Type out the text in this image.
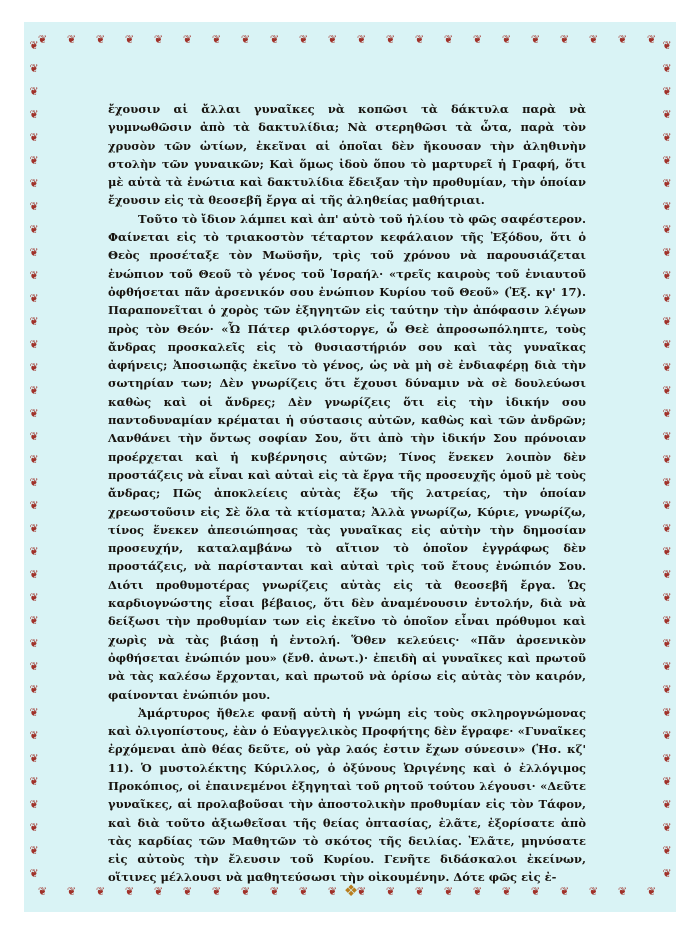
❦ ❦ ❦ ❦ ❦ ❦ ❦ ❦ ❦ ❦ ❦ ❦ ❦ ❦ ❦ ❦ ❦ ❦ ❦ ❦ ❦ ❦
❦ ❦ ❦ ❦ ❦ ❦ ❦ ❦ ❦ ❦ ❦ ❦ ❦ ❦ ❦ ❦ ❦ ❦ ❦ ❦ ❦ ❦
❦
❦
❦
❦
❦
❦
❦
❦
❦
❦
❦
❦
❦
❦
❦
❦
❦
❦
❦
❦
❦
❦
❦
❦
❦
❦
❦
❦
❦
❦
❦
❦
❦
❦
❦
❦
❦
❦
❦
❦
❦
❦
❦
❦
❦
❦
❦
❦
❦
❦
❦
❦
❦
❦
❦
❦
❦
❦
❦
❦
❦
❦
❦
❦
❦
❦
❦
❦
❦
❦
❦
❦
❦
❦
❖

ἔχουσιν αἱ ἄλλαι γυναῖκες νὰ κοπῶσι τὰ δάκτυλα παρὰ νὰ γυμνωθῶσιν ἀπὸ τὰ δακτυλίδια; Νὰ στερηθῶσι τὰ ὦτα, παρὰ τὸν χρυσὸν τῶν ὠτίων, ἐκεῖναι αἱ ὁποῖαι δὲν ἤκουσαν τὴν ἀληθινὴν στολὴν τῶν γυναικῶν; Καὶ ὅμως ἰδοὺ ὅπου τὸ μαρτυρεῖ ἡ Γραφή, ὅτι μὲ αὐτὰ τὰ ἐνώτια καὶ δακτυλίδια ἔδειξαν τὴν προθυμίαν, τὴν ὁποίαν ἔχουσιν εἰς τὰ θεοσεβῆ ἔργα αἱ τῆς ἀληθείας μαθήτριαι.

Τοῦτο τὸ ἴδιον λάμπει καὶ ἀπ' αὐτὸ τοῦ ἡλίου τὸ φῶς σαφέστερον. Φαίνεται εἰς τὸ τριακοστὸν τέταρτον κεφάλαιον τῆς Ἐξόδου, ὅτι ὁ Θεὸς προσέταξε τὸν Μωϋσῆν, τρὶς τοῦ χρόνου νὰ παρουσιάζεται ἐνώπιον τοῦ Θεοῦ τὸ γένος τοῦ Ἰσραήλ· «τρεῖς καιροὺς τοῦ ἐνιαυτοῦ ὀφθήσεται πᾶν ἀρσενικόν σου ἐνώπιον Κυρίου τοῦ Θεοῦ» (Ἐξ. κγ' 17). Παραπονεῖται ὁ χορὸς τῶν ἐξηγητῶν εἰς ταύτην τὴν ἀπόφασιν λέγων πρὸς τὸν Θεόν· «Ὦ Πάτερ φιλόστοργε, ὦ Θεὲ ἀπροσωπόληπτε, τοὺς ἄνδρας προσκαλεῖς εἰς τὸ θυσιαστήριόν σου καὶ τὰς γυναῖκας ἀφήνεις; Ἀποσιωπᾷς ἐκεῖνο τὸ γένος, ὡς νὰ μὴ σὲ ἐνδιαφέρῃ διὰ τὴν σωτηρίαν των; Δὲν γνωρίζεις ὅτι ἔχουσι δύναμιν νὰ σὲ δουλεύωσι καθὼς καὶ οἱ ἄνδρες; Δὲν γνωρίζεις ὅτι εἰς τὴν ἰδικήν σου παντοδυναμίαν κρέμαται ἡ σύστασις αὐτῶν, καθὼς καὶ τῶν ἀνδρῶν; Λανθάνει τὴν ὄντως σοφίαν Σου, ὅτι ἀπὸ τὴν ἰδικήν Σου πρόνοιαν προέρχεται καὶ ἡ κυβέρνησις αὐτῶν; Τίνος ἕνεκεν λοιπὸν δὲν προστάζεις νὰ εἶναι καὶ αὐταὶ εἰς τὰ ἔργα τῆς προσευχῆς ὁμοῦ μὲ τοὺς ἄνδρας; Πῶς ἀποκλείεις αὐτὰς ἔξω τῆς λατρείας, τὴν ὁποίαν χρεωστοῦσιν εἰς Σὲ ὅλα τὰ κτίσματα; Ἀλλὰ γνωρίζω, Κύριε, γνωρίζω, τίνος ἕνεκεν ἀπεσιώπησας τὰς γυναῖκας εἰς αὐτὴν τὴν δημοσίαν προσευχήν, καταλαμβάνω τὸ αἴτιον τὸ ὁποῖον ἐγγράφως δὲν προστάζεις, νὰ παρίστανται καὶ αὐταὶ τρὶς τοῦ ἔτους ἐνώπιόν Σου. Διότι προθυμοτέρας γνωρίζεις αὐτὰς εἰς τὰ θεοσεβῆ ἔργα. Ὡς καρδιογνώστης εἶσαι βέβαιος, ὅτι δὲν ἀναμένουσιν ἐντολήν, διὰ νὰ δείξωσι τὴν προθυμίαν των εἰς ἐκεῖνο τὸ ὁποῖον εἶναι πρόθυμοι καὶ χωρὶς νὰ τὰς βιάσῃ ἡ ἐντολή. Ὅθεν κελεύεις· «Πᾶν ἀρσενικὸν ὀφθήσεται ἐνώπιόν μου» (ἔνθ. ἀνωτ.)· ἐπειδὴ αἱ γυναῖκες καὶ πρωτοῦ νὰ τὰς καλέσω ἔρχονται, καὶ πρωτοῦ νὰ ὁρίσω εἰς αὐτὰς τὸν καιρόν, φαίνονται ἐνώπιόν μου.

Ἀμάρτυρος ἤθελε φανῇ αὐτὴ ἡ γνώμη εἰς τοὺς σκληρογνώμονας καὶ ὀλιγοπίστους, ἐὰν ὁ Εὐαγγελικὸς Προφήτης δὲν ἔγραφε· «Γυναῖκες ἐρχόμεναι ἀπὸ θέας δεῦτε, οὐ γὰρ λαός ἐστιν ἔχων σύνεσιν» (Ἡσ. κζ' 11). Ὁ μυστολέκτης Κύριλλος, ὁ ὀξύνους Ὠριγένης καὶ ὁ ἐλλόγιμος Προκόπιος, οἱ ἐπαινεμένοι ἐξηγηταὶ τοῦ ρητοῦ τούτου λέγουσι· «Δεῦτε γυναῖκες, αἱ προλαβοῦσαι τὴν ἀποστολικὴν προθυμίαν εἰς τὸν Τάφον, καὶ διὰ τοῦτο ἀξιωθεῖσαι τῆς θείας ὀπτασίας, ἐλᾶτε, ἐξορίσατε ἀπὸ τὰς καρδίας τῶν Μαθητῶν τὸ σκότος τῆς δειλίας. Ἐλᾶτε, μηνύσατε εἰς αὐτοὺς τὴν ἔλευσιν τοῦ Κυρίου. Γενῆτε διδάσκαλοι ἐκείνων, οἵτινες μέλλουσι νὰ μαθητεύσωσι τὴν οἰκουμένην. Δότε φῶς εἰς ἐ-
